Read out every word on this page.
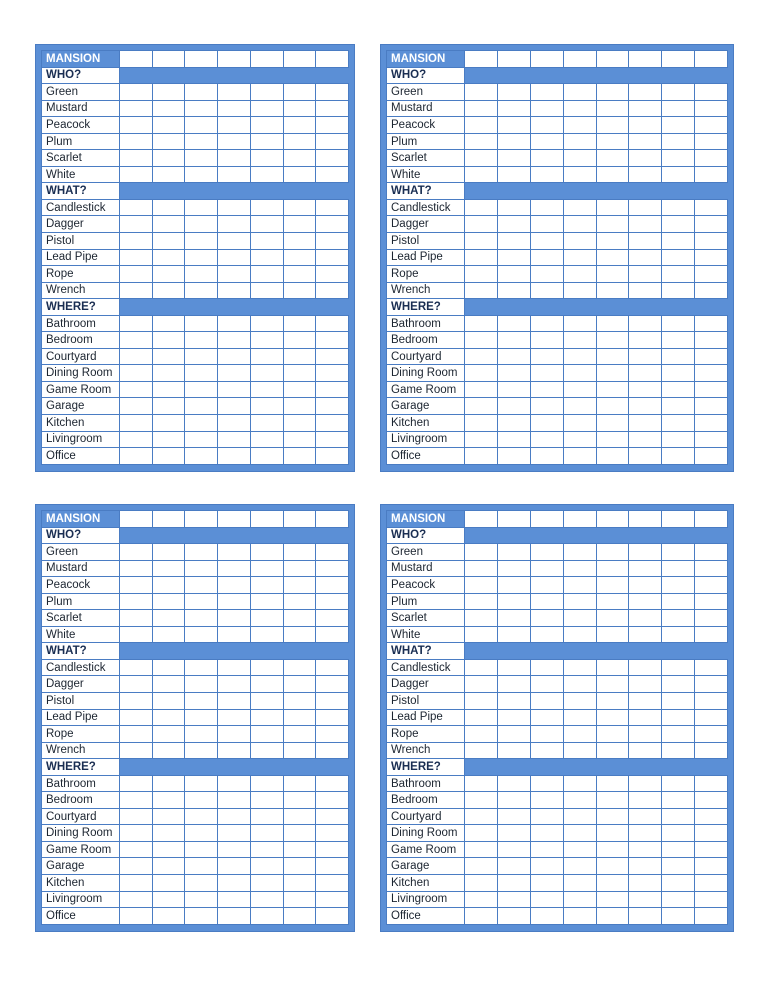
MANSION							
WHO?							
Green							
Mustard							
Peacock							
Plum							
Scarlet							
White							
WHAT?							
Candlestick							
Dagger							
Pistol							
Lead Pipe							
Rope							
Wrench							
WHERE?							
Bathroom							
Bedroom							
Courtyard							
Dining Room							
Game Room							
Garage							
Kitchen							
Livingroom							
Office							
MANSION								
WHO?								
Green								
Mustard								
Peacock								
Plum								
Scarlet								
White								
WHAT?								
Candlestick								
Dagger								
Pistol								
Lead Pipe								
Rope								
Wrench								
WHERE?								
Bathroom								
Bedroom								
Courtyard								
Dining Room								
Game Room								
Garage								
Kitchen								
Livingroom								
Office								
MANSION							
WHO?							
Green							
Mustard							
Peacock							
Plum							
Scarlet							
White							
WHAT?							
Candlestick							
Dagger							
Pistol							
Lead Pipe							
Rope							
Wrench							
WHERE?							
Bathroom							
Bedroom							
Courtyard							
Dining Room							
Game Room							
Garage							
Kitchen							
Livingroom							
Office							
MANSION								
WHO?								
Green								
Mustard								
Peacock								
Plum								
Scarlet								
White								
WHAT?								
Candlestick								
Dagger								
Pistol								
Lead Pipe								
Rope								
Wrench								
WHERE?								
Bathroom								
Bedroom								
Courtyard								
Dining Room								
Game Room								
Garage								
Kitchen								
Livingroom								
Office								
